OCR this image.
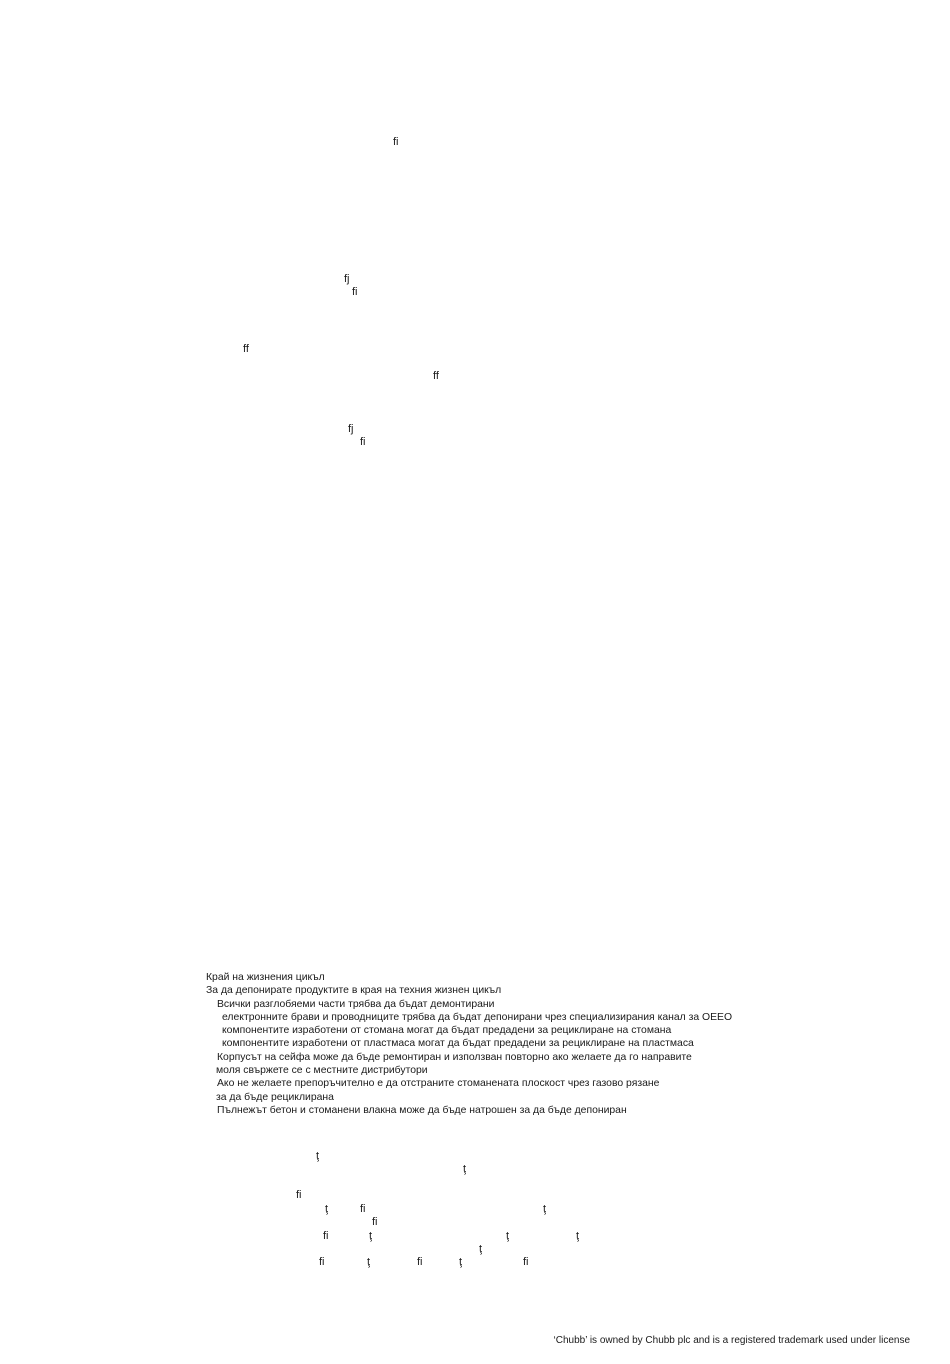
fi
fj
fi
ff
ff
fj
fi
Край на жизнения цикъл
За да депонирате продуктите в края на техния жизнен цикъл
Всички разглобяеми части трябва да бъдат демонтирани
електронните брави и проводниците трябва да бъдат депонирани чрез специализирания канал за ОЕЕО
компонентите изработени от стомана могат да бъдат предадени за рециклиране на стомана
компонентите изработени от пластмаса могат да бъдат предадени за рециклиране на пластмаса
Корпусът на сейфа може да бъде ремонтиран и използван повторно ако желаете да го направите
моля свържете се с местните дистрибутори
Ако не желаете препоръчително е да отстраните стоманената плоскост чрез газово рязане
за да бъде рециклирана
Пълнежът бетон и стоманени влакна може да бъде натрошен за да бъде депониран
ţ
ţ
fi
ţ	fi	ţ
fi
fi	ţ	ţ	ţ
ţ
fi	ţ	fi	ţ	fi
‘Chubb’ is owned by Chubb plc and is a registered trademark used under license
